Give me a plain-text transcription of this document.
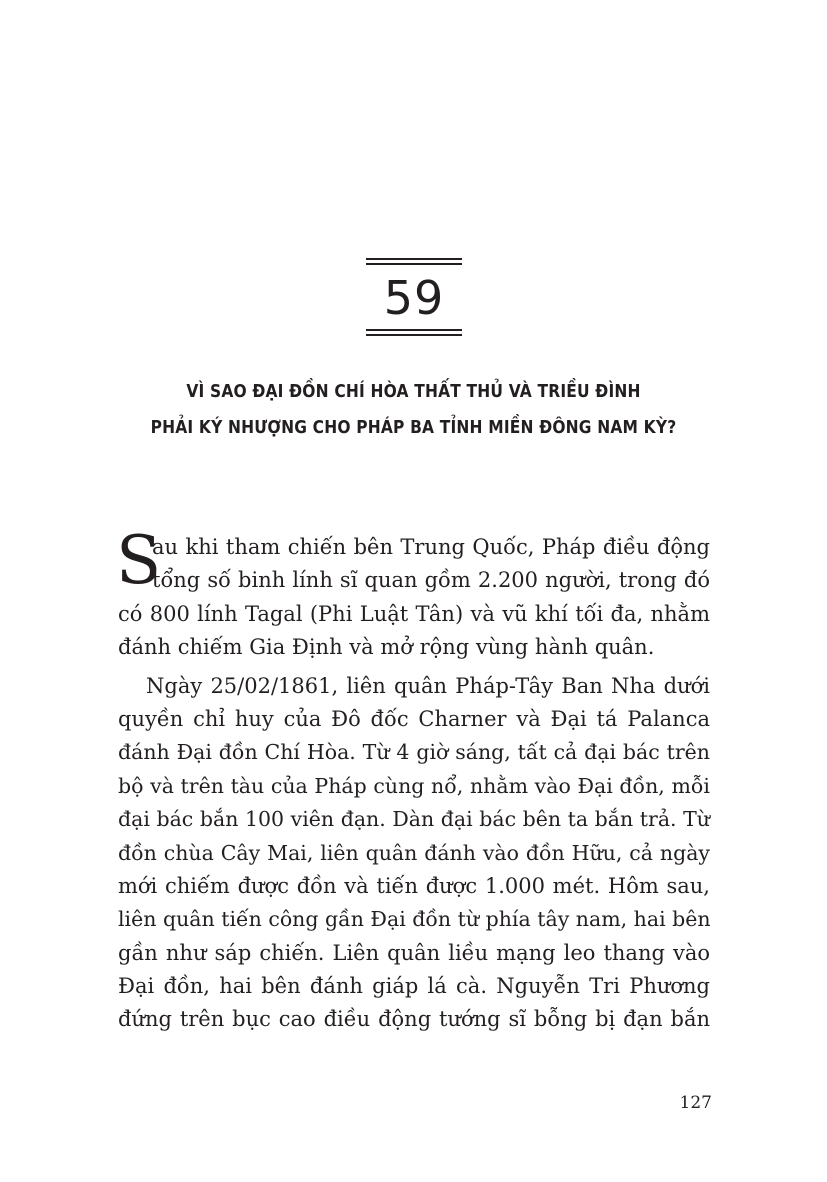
59
VÌ SAO ĐẠI ĐỒN CHÍ HÒA THẤT THỦ VÀ TRIỀU ĐÌNH
PHẢI KÝ NHƯỢNG CHO PHÁP BA TỈNH MIỀN ĐÔNG NAM KỲ?
S
au khi tham chiến bên Trung Quốc, Pháp điều động
tổng số binh lính sĩ quan gồm 2.200 người, trong đó
có 800 lính Tagal (Phi Luật Tân) và vũ khí tối đa, nhằm
đánh chiếm Gia Định và mở rộng vùng hành quân.
Ngày 25/02/1861, liên quân Pháp-Tây Ban Nha dưới
quyền chỉ huy của Đô đốc Charner và Đại tá Palanca
đánh Đại đồn Chí Hòa. Từ 4 giờ sáng, tất cả đại bác trên
bộ và trên tàu của Pháp cùng nổ, nhằm vào Đại đồn, mỗi
đại bác bắn 100 viên đạn. Dàn đại bác bên ta bắn trả. Từ
đồn chùa Cây Mai, liên quân đánh vào đồn Hữu, cả ngày
mới chiếm được đồn và tiến được 1.000 mét. Hôm sau,
liên quân tiến công gần Đại đồn từ phía tây nam, hai bên
gần như sáp chiến. Liên quân liều mạng leo thang vào
Đại đồn, hai bên đánh giáp lá cà. Nguyễn Tri Phương
đứng trên bục cao điều động tướng sĩ bỗng bị đạn bắn
127
